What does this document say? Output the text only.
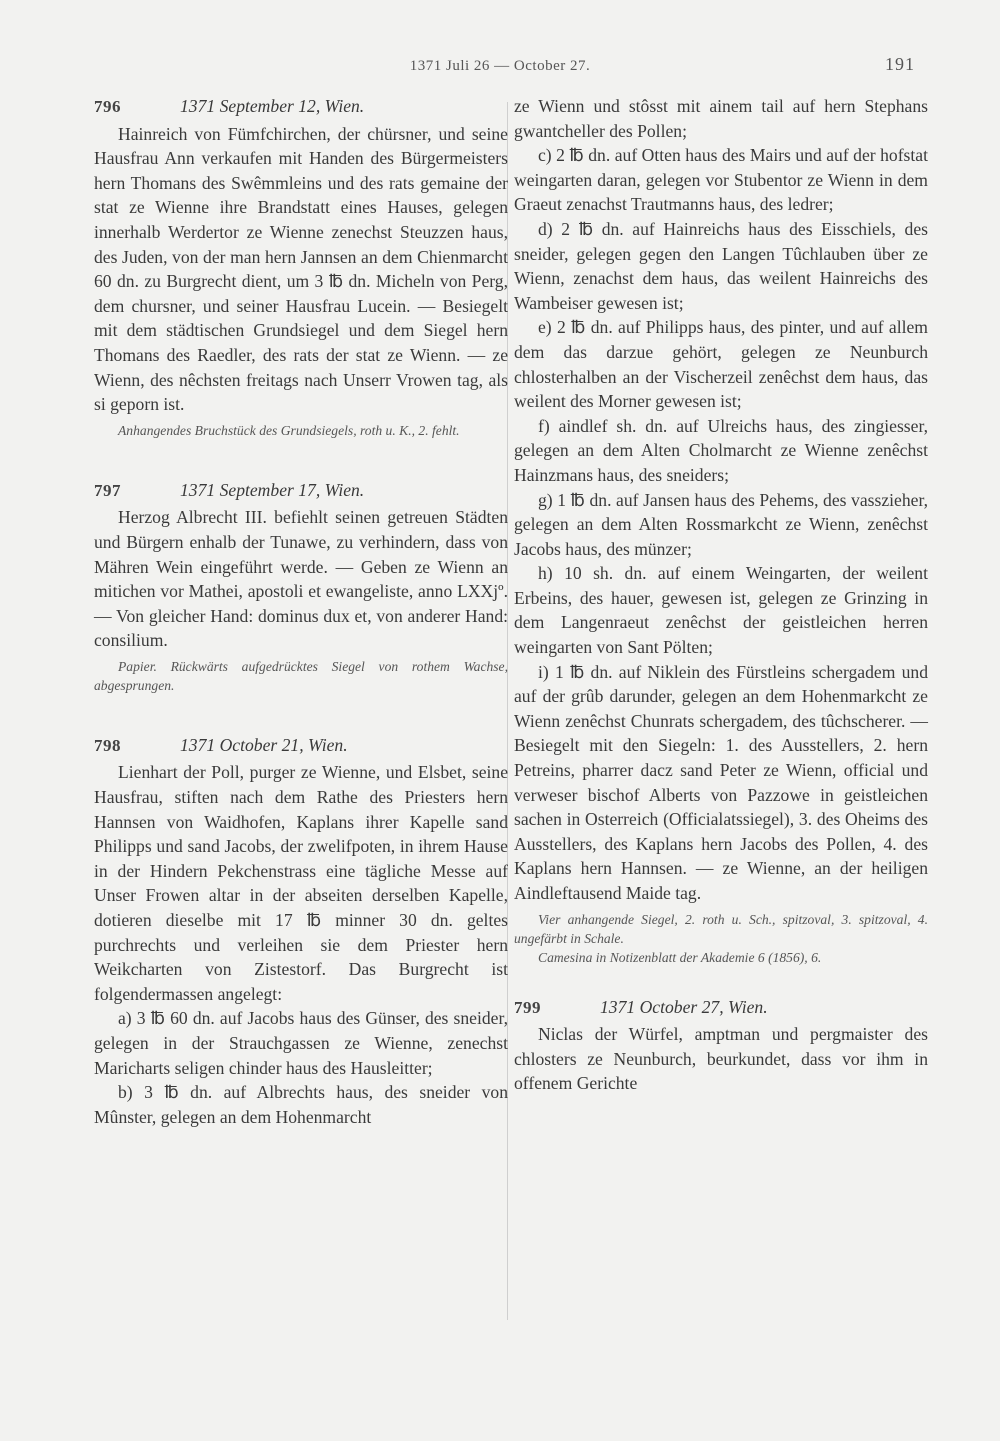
1371 Juli 26 — October 27.	191
796	1371 September 12, Wien.

Hainreich von Fümfchirchen, der chürsner, und seine Hausfrau Ann verkaufen mit Handen des Bürgermeisters hern Thomans des Swêmmleins und des rats gemaine der stat ze Wienne ihre Brandstatt eines Hauses, gelegen innerhalb Werdertor ze Wienne zenechst Steuzzen haus, des Juden, von der man hern Jannsen an dem Chienmarcht 60 dn. zu Burgrecht dient, um 3 ℔ dn. Micheln von Perg, dem chursner, und seiner Hausfrau Lucein. — Besiegelt mit dem städtischen Grundsiegel und dem Siegel hern Thomans des Raedler, des rats der stat ze Wienn. — ze Wienn, des nêchsten freitags nach Unserr Vrowen tag, als si geporn ist.

Anhangendes Bruchstück des Grundsiegels, roth u. K., 2. fehlt.
797	1371 September 17, Wien.

Herzog Albrecht III. befiehlt seinen getreuen Städten und Bürgern enhalb der Tunawe, zu verhindern, dass von Mähren Wein eingeführt werde. — Geben ze Wienn an mitichen vor Mathei, apostoli et ewangeliste, anno LXXjº. — Von gleicher Hand: dominus dux et, von anderer Hand: consilium.

Papier. Rückwärts aufgedrücktes Siegel von rothem Wachse, abgesprungen.
798	1371 October 21, Wien.

Lienhart der Poll, purger ze Wienne, und Elsbet, seine Hausfrau, stiften nach dem Rathe des Priesters hern Hannsen von Waidhofen, Kaplans ihrer Kapelle sand Philipps und sand Jacobs, der zwelifpoten, in ihrem Hause in der Hindern Pekchenstrass eine tägliche Messe auf Unser Frowen altar in der abseiten derselben Kapelle, dotieren dieselbe mit 17 ℔ minner 30 dn. geltes purchrechts und verleihen sie dem Priester hern Weikcharten von Zistestorf. Das Burgrecht ist folgendermassen angelegt:

a) 3 ℔ 60 dn. auf Jacobs haus des Günser, des sneider, gelegen in der Strauchgassen ze Wienne, zenechst Maricharts seligen chinder haus des Hausleitter;

b) 3 ℔ dn. auf Albrechts haus, des sneider von Mûnster, gelegen an dem Hohenmarcht

ze Wienn und stôsst mit ainem tail auf hern Stephans gwantcheller des Pollen;

c) 2 ℔ dn. auf Otten haus des Mairs und auf der hofstat weingarten daran, gelegen vor Stubentor ze Wienn in dem Graeut zenachst Trautmanns haus, des ledrer;

d) 2 ℔ dn. auf Hainreichs haus des Eisschiels, des sneider, gelegen gegen den Langen Tûchlauben über ze Wienn, zenachst dem haus, das weilent Hainreichs des Wambeiser gewesen ist;

e) 2 ℔ dn. auf Philipps haus, des pinter, und auf allem dem das darzue gehört, gelegen ze Neunburch chlosterhalben an der Vischerzeil zenêchst dem haus, das weilent des Morner gewesen ist;

f) aindlef sh. dn. auf Ulreichs haus, des zingiesser, gelegen an dem Alten Cholmarcht ze Wienne zenêchst Hainzmans haus, des sneiders;

g) 1 ℔ dn. auf Jansen haus des Pehems, des vasszieher, gelegen an dem Alten Rossmarkcht ze Wienn, zenêchst Jacobs haus, des münzer;

h) 10 sh. dn. auf einem Weingarten, der weilent Erbeins, des hauer, gewesen ist, gelegen ze Grinzing in dem Langenraeut zenêchst der geistleichen herren weingarten von Sant Pölten;

i) 1 ℔ dn. auf Niklein des Fürstleins schergadem und auf der grûb darunder, gelegen an dem Hohenmarkcht ze Wienn zenêchst Chunrats schergadem, des tûchscherer. — Besiegelt mit den Siegeln: 1. des Ausstellers, 2. hern Petreins, pharrer dacz sand Peter ze Wienn, official und verweser bischof Alberts von Pazzowe in geistleichen sachen in Osterreich (Officialatssiegel), 3. des Oheims des Ausstellers, des Kaplans hern Jacobs des Pollen, 4. des Kaplans hern Hannsen. — ze Wienne, an der heiligen Aindleftausend Maide tag.

Vier anhangende Siegel, 2. roth u. Sch., spitzoval, 3. spitzoval, 4. ungefärbt in Schale.
Camesina in Notizenblatt der Akademie 6 (1856), 6.
799	1371 October 27, Wien.

Niclas der Würfel, amptman und pergmaister des chlosters ze Neunburch, beurkundet, dass vor ihm in offenem Gerichte
